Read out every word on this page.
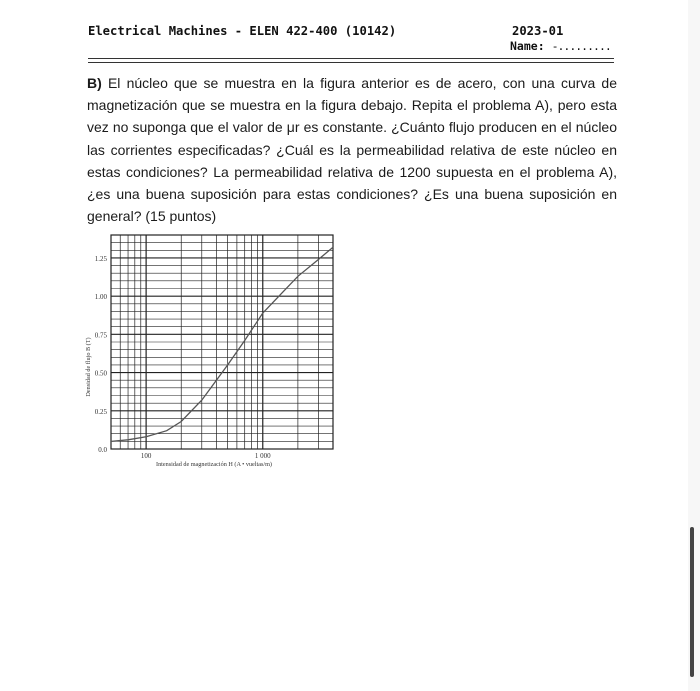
Electrical Machines - ELEN 422-400 (10142)	2023-01
Name: -.........
B) El núcleo que se muestra en la figura anterior es de acero, con una curva de magnetización que se muestra en la figura debajo. Repita el problema A), pero esta vez no suponga que el valor de μr es constante. ¿Cuánto flujo producen en el núcleo las corrientes especificadas? ¿Cuál es la permeabilidad relativa de este núcleo en estas condiciones? La permeabilidad relativa de 1200 supuesta en el problema A), ¿es una buena suposición para estas condiciones? ¿Es una buena suposición en general? (15 puntos)
0.0
0.25
0.50
0.75
1.00
1.25
100	1 000
Intensidad de magnetización H (A • vueltas/m)
Densidad de flujo B (T)
